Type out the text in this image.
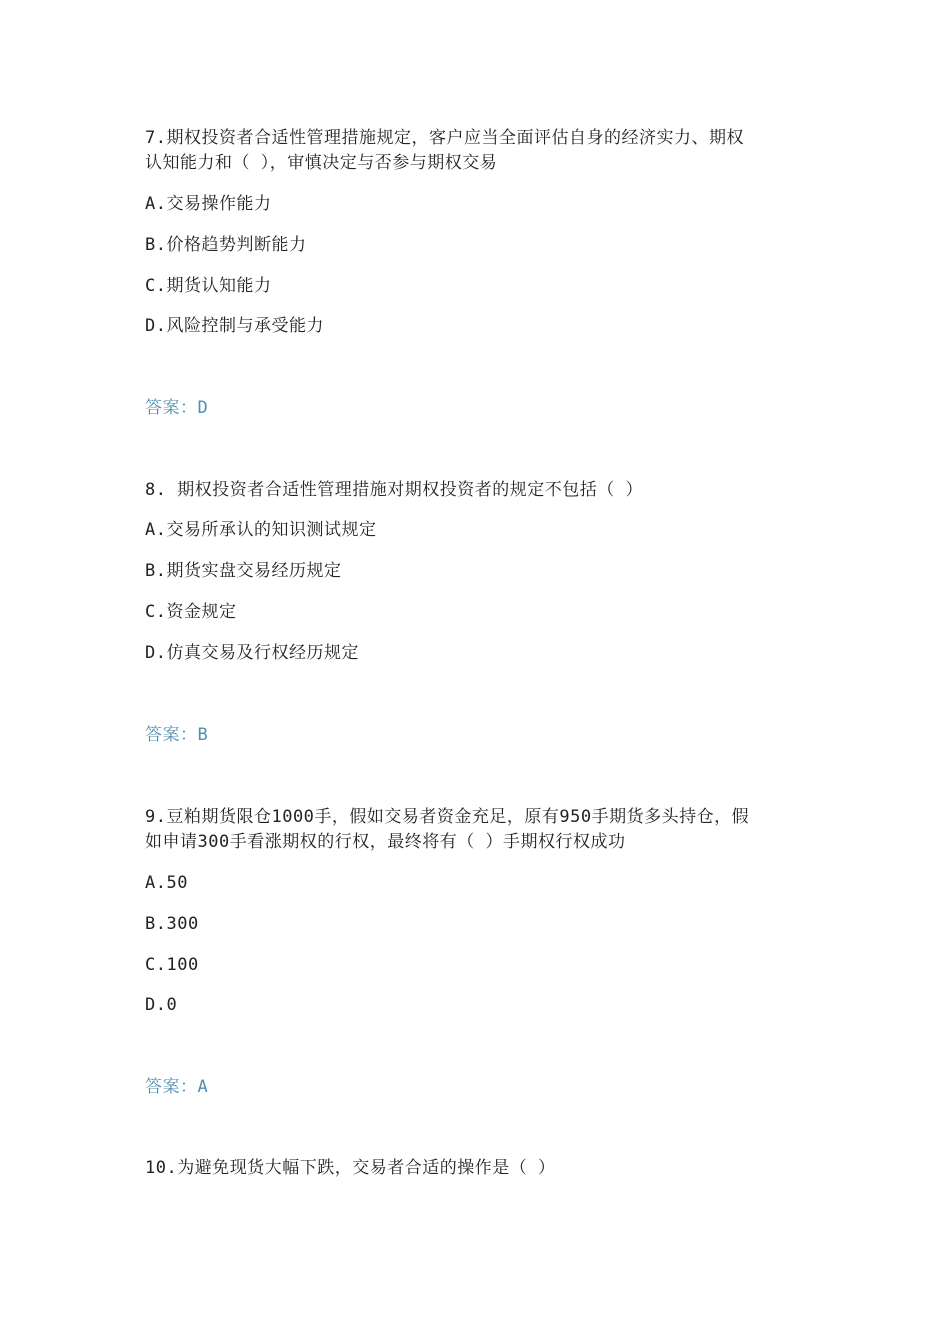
7.期权投资者合适性管理措施规定，客户应当全面评估自身的经济实力、期权
认知能力和（ ），审慎决定与否参与期权交易
A.交易操作能力
B.价格趋势判断能力
C.期货认知能力
D.风险控制与承受能力
答案：D
8. 期权投资者合适性管理措施对期权投资者的规定不包括（ ）
A.交易所承认的知识测试规定
B.期货实盘交易经历规定
C.资金规定
D.仿真交易及行权经历规定
答案：B
9.豆粕期货限仓1000手，假如交易者资金充足，原有950手期货多头持仓，假
如申请300手看涨期权的行权，最终将有（ ）手期权行权成功
A.50
B.300
C.100
D.0
答案：A
10.为避免现货大幅下跌，交易者合适的操作是（ ）
